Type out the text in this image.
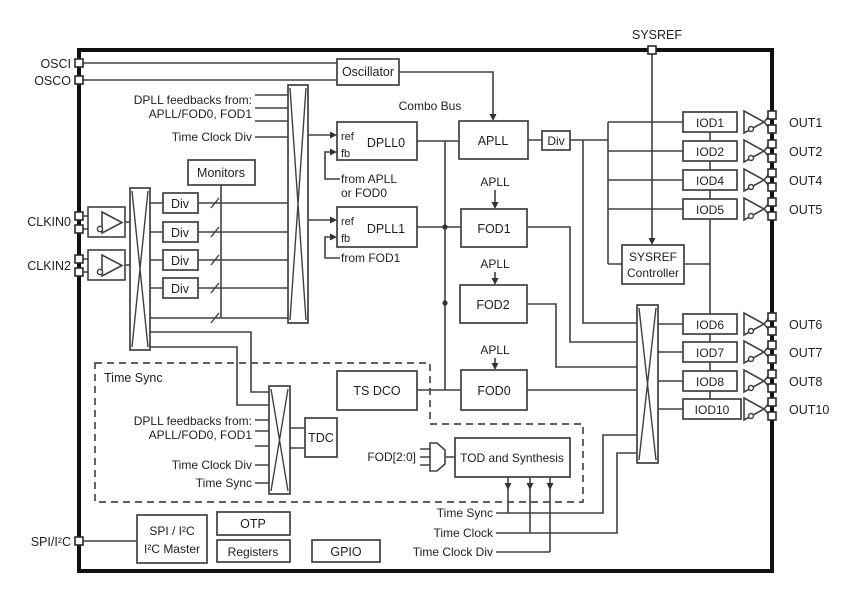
Oscillator
Monitors
Div
Div
Div
Div
ref
fb
DPLL0
ref
fb
DPLL1
APLL	Div
FOD1
FOD2
FOD0
TS DCO
TDC
TOD and Synthesis
SYSREF
Controller
IOD1
IOD2
IOD4
IOD5
IOD6
IOD7
IOD8
IOD10
SPI / I²C
I²C Master
OTP
Registers	GPIO
OSCI
OSCO
CLKIN0
CLKIN2
SPI/I²C
SYSREF
OUT1
OUT2
OUT4
OUT5
OUT6
OUT7
OUT8
OUT10
DPLL feedbacks from:
APLL/FOD0, FOD1
Time Clock Div
Combo Bus
from APLL
or FOD0
from FOD1
APLL
APLL
APLL
Time Sync
DPLL feedbacks from:
APLL/FOD0, FOD1
Time Clock Div
Time Sync
FOD[2:0]
Time Sync
Time Clock
Time Clock Div
